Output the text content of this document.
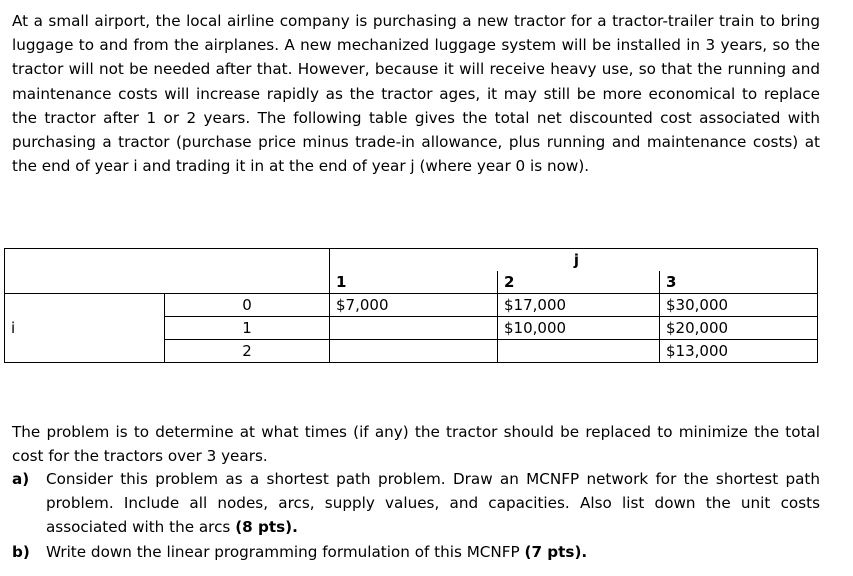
At a small airport, the local airline company is purchasing a new tractor for a tractor-trailer train to bring luggage to and from the airplanes. A new mechanized luggage system will be installed in 3 years, so the tractor will not be needed after that. However, because it will receive heavy use, so that the running and maintenance costs will increase rapidly as the tractor ages, it may still be more economical to replace the tractor after 1 or 2 years. The following table gives the total net discounted cost associated with purchasing a tractor (purchase price minus trade-in allowance, plus running and maintenance costs) at the end of year i and trading it in at the end of year j (where year 0 is now).

		j		
		1	2	3
i	0	$7,000	$17,000	$30,000
	1		$10,000	$20,000
	2			$13,000

The problem is to determine at what times (if any) the tractor should be replaced to minimize the total cost for the tractors over 3 years.

a)	Consider this problem as a shortest path problem. Draw an MCNFP network for the shortest path problem. Include all nodes, arcs, supply values, and capacities. Also list down the unit costs associated with the arcs (8 pts).
b)	Write down the linear programming formulation of this MCNFP (7 pts).
